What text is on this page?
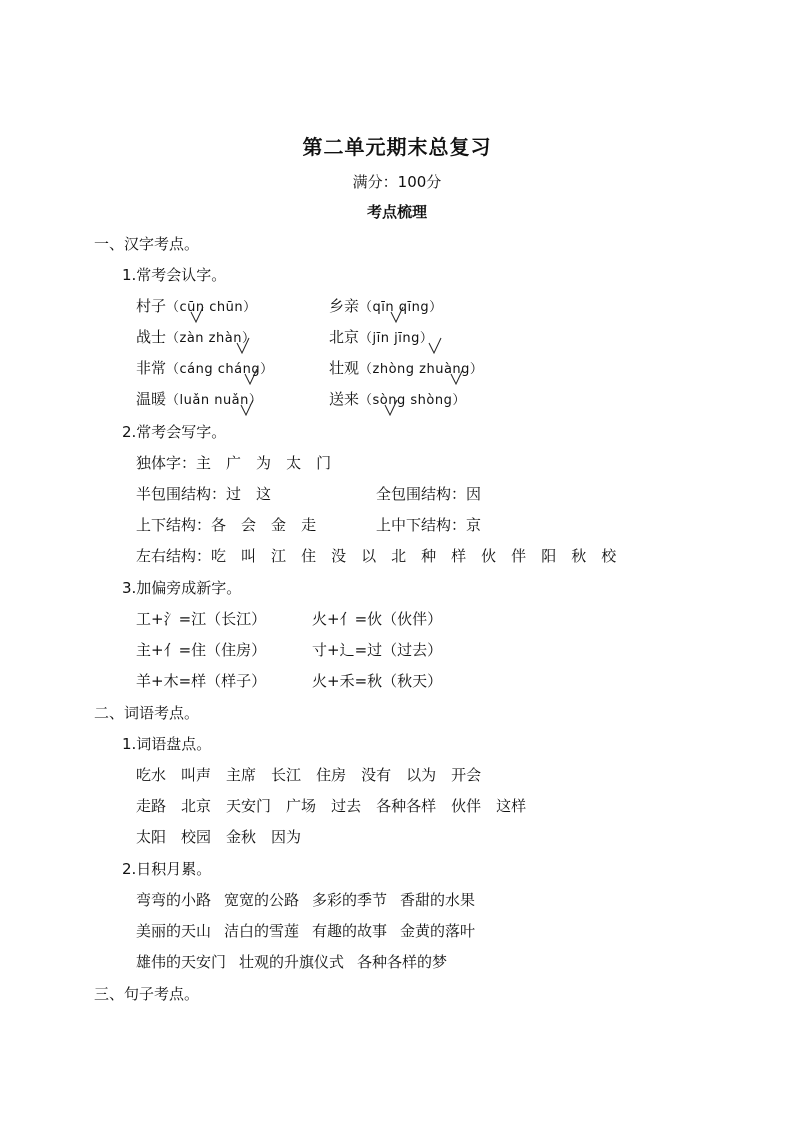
第二单元期末总复习
满分：100分
考点梳理
一、汉字考点。
1.常考会认字。
村子（cūn chūn）	乡亲（qīn qīng）
战士（zàn zhàn）	北京（jīn jīng）
非常（cáng cháng）	壮观（zhòng zhuàng）
温暖（luǎn nuǎn）	送来（sòng shòng）
2.常考会写字。
独体字：主 广 为 太 门
半包围结构：过 这	全包围结构：因
上下结构：各 会 金 走	上中下结构：京
左右结构：吃 叫 江 住 没 以 北 种 样 伙 伴 阳 秋 校
3.加偏旁成新字。
工+氵=江（长江）	火+亻=伙（伙伴）
主+亻=住（住房）	寸+辶=过（过去）
羊+木=样（样子）	火+禾=秋（秋天）
二、词语考点。
1.词语盘点。
吃水 叫声 主席 长江 住房 没有 以为 开会
走路 北京 天安门 广场 过去 各种各样 伙伴 这样
太阳 校园 金秋 因为
2.日积月累。
弯弯的小路 宽宽的公路 多彩的季节 香甜的水果
美丽的天山 洁白的雪莲 有趣的故事 金黄的落叶
雄伟的天安门 壮观的升旗仪式 各种各样的梦
三、句子考点。
